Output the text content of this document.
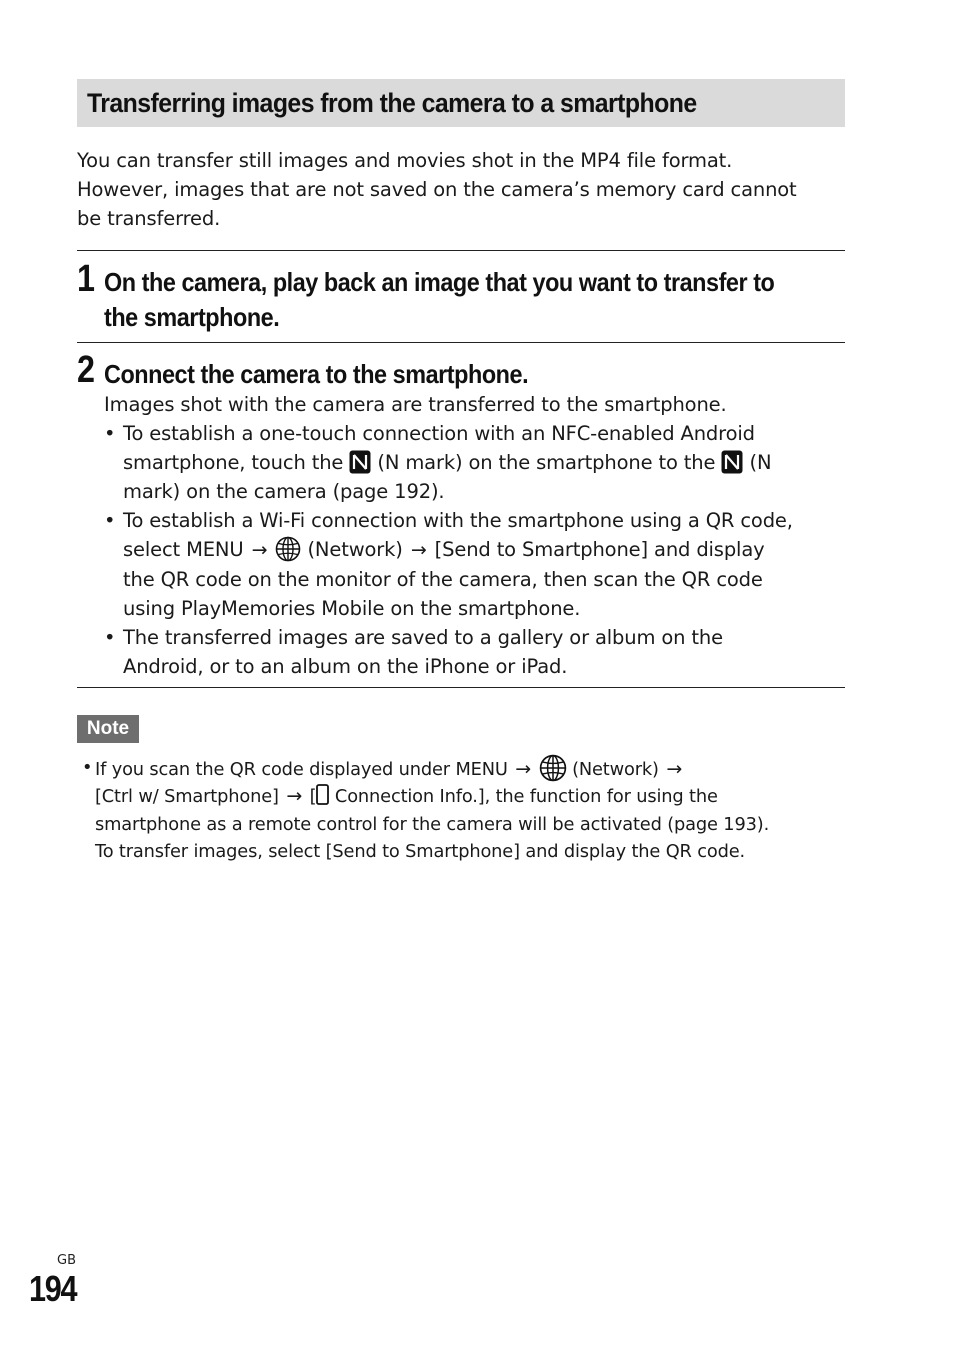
Transferring images from the camera to a smartphone
You can transfer still images and movies shot in the MP4 file format.
However, images that are not saved on the camera’s memory card cannot
be transferred.
1 On the camera, play back an image that you want to transfer to
the smartphone.
2 Connect the camera to the smartphone.
Images shot with the camera are transferred to the smartphone.
• To establish a one-touch connection with an NFC-enabled Android
smartphone, touch the (N mark) on the smartphone to the (N
mark) on the camera (page 192).
• To establish a Wi-Fi connection with the smartphone using a QR code,
select MENU → (Network) → [Send to Smartphone] and display
the QR code on the monitor of the camera, then scan the QR code
using PlayMemories Mobile on the smartphone.
• The transferred images are saved to a gallery or album on the
Android, or to an album on the iPhone or iPad.
Note
• If you scan the QR code displayed under MENU → (Network) →
[Ctrl w/ Smartphone] → [ Connection Info.], the function for using the
smartphone as a remote control for the camera will be activated (page 193).
To transfer images, select [Send to Smartphone] and display the QR code.
GB
194
